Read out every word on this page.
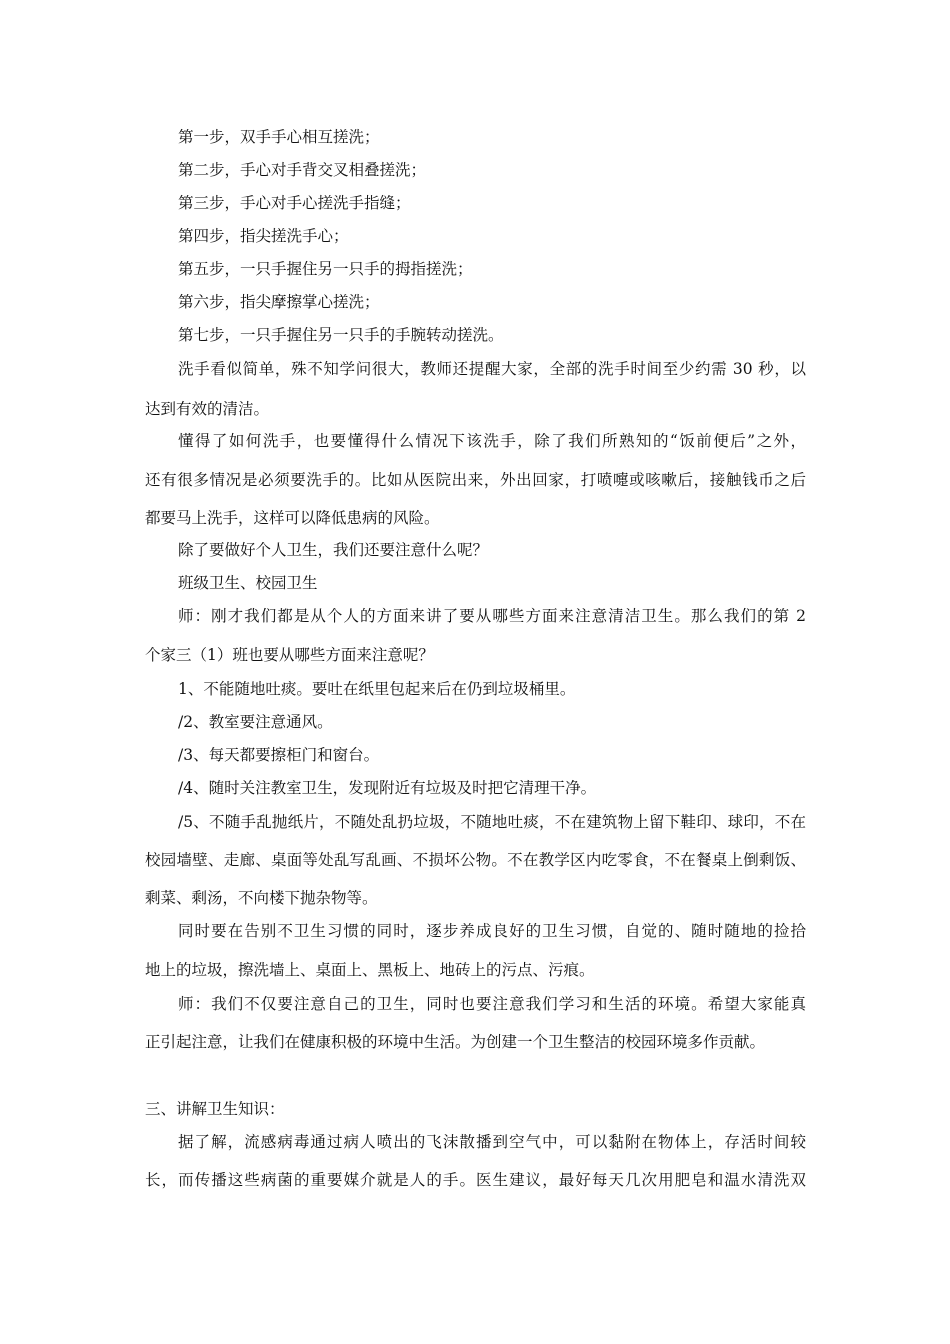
第一步，双手手心相互搓洗；
第二步，手心对手背交叉相叠搓洗；
第三步，手心对手心搓洗手指缝；
第四步，指尖搓洗手心；
第五步，一只手握住另一只手的拇指搓洗；
第六步，指尖摩擦掌心搓洗；
第七步，一只手握住另一只手的手腕转动搓洗。
洗手看似简单，殊不知学问很大，教师还提醒大家，全部的洗手时间至少约需 30 秒，以
达到有效的清洁。
懂得了如何洗手，也要懂得什么情况下该洗手，除了我们所熟知的“饭前便后”之外，
还有很多情况是必须要洗手的。比如从医院出来，外出回家，打喷嚏或咳嗽后，接触钱币之后
都要马上洗手，这样可以降低患病的风险。
除了要做好个人卫生，我们还要注意什么呢？
班级卫生、校园卫生
师：刚才我们都是从个人的方面来讲了要从哪些方面来注意清洁卫生。那么我们的第 2
个家三（1）班也要从哪些方面来注意呢？
1、不能随地吐痰。要吐在纸里包起来后在仍到垃圾桶里。
/2、教室要注意通风。
/3、每天都要擦柜门和窗台。
/4、随时关注教室卫生，发现附近有垃圾及时把它清理干净。
/5、不随手乱抛纸片，不随处乱扔垃圾，不随地吐痰，不在建筑物上留下鞋印、球印，不在
校园墙壁、走廊、桌面等处乱写乱画、不损坏公物。不在教学区内吃零食，不在餐桌上倒剩饭、
剩菜、剩汤，不向楼下抛杂物等。
同时要在告别不卫生习惯的同时，逐步养成良好的卫生习惯，自觉的、随时随地的捡拾
地上的垃圾，擦洗墙上、桌面上、黑板上、地砖上的污点、污痕。
师：我们不仅要注意自己的卫生，同时也要注意我们学习和生活的环境。希望大家能真
正引起注意，让我们在健康积极的环境中生活。为创建一个卫生整洁的校园环境多作贡献。
三、讲解卫生知识：
据了解，流感病毒通过病人喷出的飞沫散播到空气中，可以黏附在物体上，存活时间较
长，而传播这些病菌的重要媒介就是人的手。医生建议，最好每天几次用肥皂和温水清洗双
